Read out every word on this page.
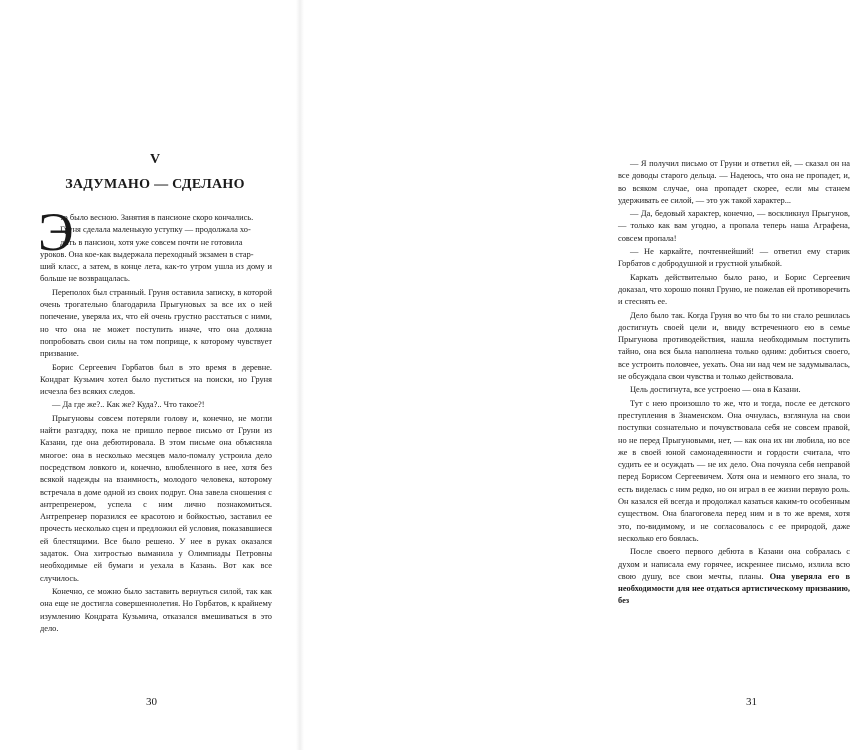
V
ЗАДУМАНО — СДЕЛАНО
Э

то было весною. Занятия в пансионе скоро кончались.
Груня сделала маленькую уступку — продолжала хо-
дить в пансион, хотя уже совсем почти не готовила
уроков. Она кое-как выдержала переходный экзамен в стар-
ший класс, а затем, в конце лета, как-то утром ушла из дому и больше не возвращалась.

Переполох был странный. Груня оставила записку, в которой очень трогательно благодарила Прыгуновых за все их о ней попечение, уверяла их, что ей очень грустно расстаться с ними, но что она не может поступить иначе, что она должна попробовать свои силы на том поприще, к которому чувствует призвание.

Борис Сергеевич Горбатов был в это время в деревне. Кондрат Кузьмич хотел было пуститься на поиски, но Груня исчезла без всяких следов.

— Да где же?.. Как же? Куда?.. Что такое?!

Прыгуновы совсем потеряли голову и, конечно, не могли найти разгадку, пока не пришло первое письмо от Груни из Казани, где она дебютировала. В этом письме она объясняла многое: она в несколько месяцев мало-помалу устроила дело посредством ловкого и, конечно, влюбленного в нее, хотя без всякой надежды на взаимность, молодого человека, которому встречала в доме одной из своих подруг. Она завела сношения с антрепренером, успела с ним лично познакомиться. Антрепренер поразился ее красотою и бойкостью, заставил ее прочесть несколько сцен и предложил ей условия, показавшиеся ей блестящими. Все было решено. У нее в руках оказался задаток. Она хитростью выманила у Олимпиады Петровны необходимые ей бумаги и уехала в Казань. Вот как все случилось.

Конечно, се можно было заставить вернуться силой, так как она еще не достигла совершеннолетия. Но Горбатов, к крайнему изумлению Кондрата Кузьмича, отказался вмешиваться в это дело.

30

— Я получил письмо от Груни и ответил ей, — сказал он на все доводы старого дельца. — Надеюсь, что она не пропадет, и, во всяком случае, она пропадет скорее, если мы станем удерживать ее силой, — это уж такой характер...

— Да, бедовый характер, конечно, — воскликнул Прыгунов, — только как вам угодно, а пропала теперь наша Аграфена, совсем пропала!

— Не каркайте, почтеннейший! — ответил ему старик Горбатов с добродушной и грустной улыбкой.

Каркать действительно было рано, и Борис Сергеевич доказал, что хорошо понял Груню, не пожелав ей противоречить и стеснять ее.

Дело было так. Когда Груня во что бы то ни стало решилась достигнуть своей цели и, ввиду встреченного ею в семье Прыгунова противодействия, нашла необходимым поступить тайно, она вся была наполнена только одним: добиться своего, все устроить половчее, уехать. Она ни над чем не задумывалась, не обсуждала свои чувства и только действовала.

Цель достигнута, все устроено — она в Казани.

Тут с нею произошло то же, что и тогда, после ее детского преступления в Знаменском. Она очнулась, взглянула на свои поступки сознательно и почувствовала себя не совсем правой, но не перед Прыгуновыми, нет, — как она их ни любила, но все же в своей юной самонадеянности и гордости считала, что судить ее и осуждать — не их дело. Она почуяла себя неправой перед Борисом Сергеевичем. Хотя она и немного его знала, то есть виделась с ним редко, но он играл в ее жизни первую роль. Он казался ей всегда и продолжал казаться каким-то особенным существом. Она благоговела перед ним и в то же время, хотя это, по-видимому, и не согласовалось с ее природой, даже несколько его боялась.

После своего первого дебюта в Казани она собралась с духом и написала ему горячее, искреннее письмо, излила всю свою душу, все свои мечты, планы. Она уверяла его в необходимости для нее отдаться артистическому призванию, без

31
